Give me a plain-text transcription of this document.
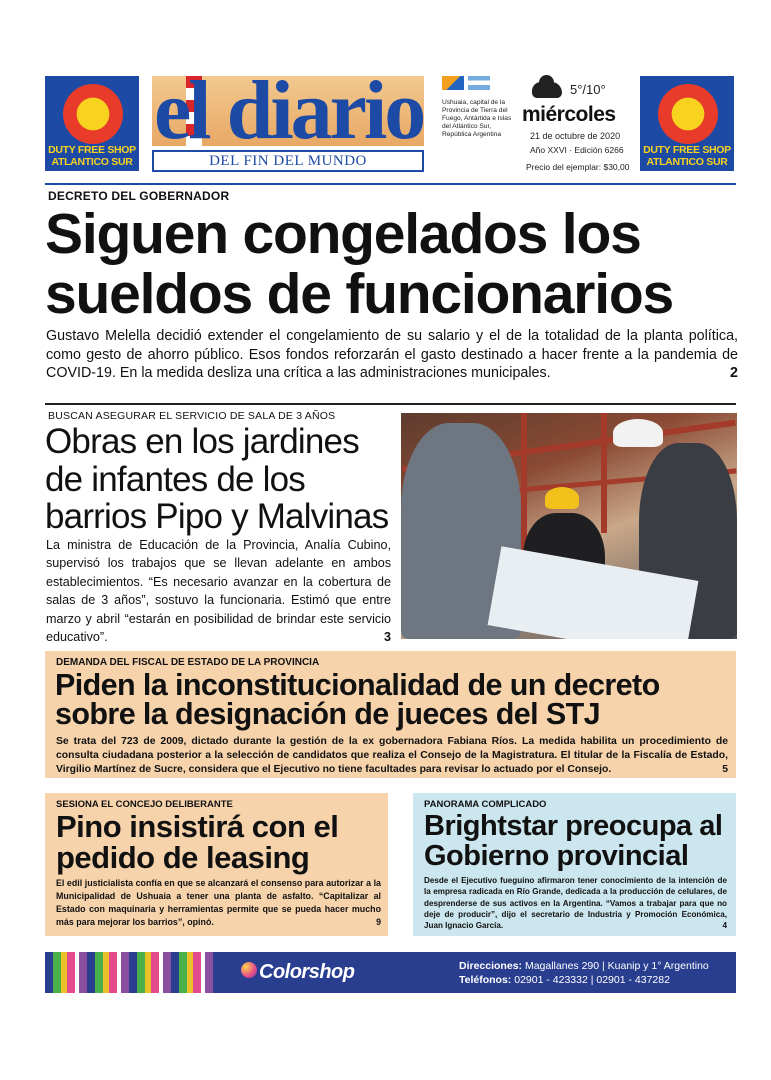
DUTY FREE SHOP
ATLANTICO SUR
el diario
DEL FIN DEL MUNDO
Ushuaia, capital de la Provincia de Tierra del Fuego, Antártida e Islas del Atlántico Sur, República Argentina
5°/10°
miércoles
21 de octubre de 2020
Año XXVI · Edición 6266
Precio del ejemplar: $30,00
DUTY FREE SHOP
ATLANTICO SUR
DECRETO DEL GOBERNADOR
Siguen congelados los sueldos de funcionarios
Gustavo Melella decidió extender el congelamiento de su salario y el de la totalidad de la planta política, como gesto de ahorro público. Esos fondos reforzarán el gasto destinado a hacer frente a la pandemia de COVID-19. En la medida desliza una crítica a las administraciones municipales.	2
BUSCAN ASEGURAR EL SERVICIO DE SALA DE 3 AÑOS
Obras en los jardines de infantes de los barrios Pipo y Malvinas
La ministra de Educación de la Provincia, Analía Cubino, supervisó los trabajos que se llevan adelante en ambos establecimientos. “Es necesario avanzar en la cobertura de salas de 3 años”, sostuvo la funcionaria. Estimó que entre marzo y abril “estarán en posibilidad de brindar este servicio educativo”.	3
DEMANDA DEL FISCAL DE ESTADO DE LA PROVINCIA
Piden la inconstitucionalidad de un decreto sobre la designación de jueces del STJ
Se trata del 723 de 2009, dictado durante la gestión de la ex gobernadora Fabiana Ríos. La medida habilita un procedimiento de consulta ciudadana posterior a la selección de candidatos que realiza el Consejo de la Magistratura. El titular de la Fiscalía de Estado, Virgilio Martínez de Sucre, considera que el Ejecutivo no tiene facultades para revisar lo actuado por el Consejo.	5
SESIONA EL CONCEJO DELIBERANTE
Pino insistirá con el pedido de leasing
El edil justicialista confía en que se alcanzará el consenso para autorizar a la Municipalidad de Ushuaia a tener una planta de asfalto. “Capitalizar al Estado con maquinaria y herramientas permite que se pueda hacer mucho más para mejorar los barrios”, opinó.	9
PANORAMA COMPLICADO
Brightstar preocupa al Gobierno provincial
Desde el Ejecutivo fueguino afirmaron tener conocimiento de la intención de la empresa radicada en Río Grande, dedicada a la producción de celulares, de desprenderse de sus activos en la Argentina. “Vamos a trabajar para que no deje de producir”, dijo el secretario de Industria y Promoción Económica, Juan Ignacio García.	4
Colorshop	Direcciones: Magallanes 290 | Kuanip y 1° Argentino
Teléfonos: 02901 - 423332 | 02901 - 437282
